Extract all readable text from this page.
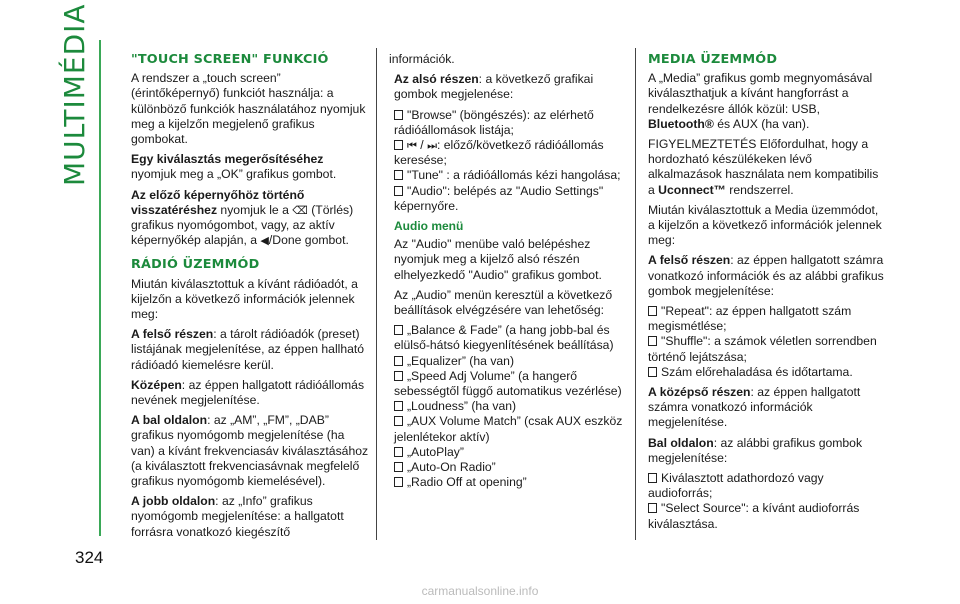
MULTIMÉDIA
324
"TOUCH SCREEN" FUNKCIÓ

A rendszer a „touch screen” (érintőképernyő) funkciót használja: a különböző funkciók használatához nyomjuk meg a kijelzőn megjelenő grafikus gombokat.

Egy kiválasztás megerősítéséhez nyomjuk meg a „OK” grafikus gombot.

Az előző képernyőhöz történő visszatéréshez nyomjuk le a ⌫ (Törlés) grafikus nyomógombot, vagy, az aktív képernyőkép alapján, a ◀/Done gombot.

RÁDIÓ ÜZEMMÓD

Miután kiválasztottuk a kívánt rádióadót, a kijelzőn a következő információk jelennek meg:

A felső részen: a tárolt rádióadók (preset) listájának megjelenítése, az éppen hallható rádióadó kiemelésre kerül.

Középen: az éppen hallgatott rádióállomás nevének megjelenítése.

A bal oldalon: az „AM”, „FM”, „DAB” grafikus nyomógomb megjelenítése (ha van) a kívánt frekvenciasáv kiválasztásához (a kiválasztott frekvenciasávnak megfelelő grafikus nyomógomb kiemelésével).

A jobb oldalon: az „Info” grafikus nyomógomb megjelenítése: a hallgatott forrásra vonatkozó kiegészítő

információk.

Az alsó részen: a következő grafikai gombok megjelenése:

"Browse" (böngészés): az elérhető rádióállomások listája;
⏮ / ⏭: előző/következő rádióállomás keresése;
"Tune" : a rádióállomás kézi hangolása;
"Audio": belépés az "Audio Settings" képernyőre.

Audio menü

Az "Audio" menübe való belépéshez nyomjuk meg a kijelző alsó részén elhelyezkedő "Audio" grafikus gombot.

Az „Audio” menün keresztül a következő beállítások elvégzésére van lehetőség:

„Balance & Fade” (a hang jobb-bal és elülső-hátsó kiegyenlítésének beállítása)
„Equalizer” (ha van)
„Speed Adj Volume” (a hangerő sebességtől függő automatikus vezérlése)
„Loudness” (ha van)
„AUX Volume Match” (csak AUX eszköz jelenlétekor aktív)
„AutoPlay”
„Auto-On Radio”
„Radio Off at opening”

MEDIA ÜZEMMÓD

A „Media” grafikus gomb megnyomásával kiválaszthatjuk a kívánt hangforrást a rendelkezésre állók közül: USB, Bluetooth® és AUX (ha van).

FIGYELMEZTETÉS Előfordulhat, hogy a hordozható készülékeken lévő alkalmazások használata nem kompatibilis a Uconnect™ rendszerrel.

Miután kiválasztottuk a Media üzemmódot, a kijelzőn a következő információk jelennek meg:

A felső részen: az éppen hallgatott számra vonatkozó információk és az alábbi grafikus gombok megjelenítése:

"Repeat": az éppen hallgatott szám megismétlése;
"Shuffle": a számok véletlen sorrendben történő lejátszása;
Szám előrehaladása és időtartama.

A középső részen: az éppen hallgatott számra vonatkozó információk megjelenítése.

Bal oldalon: az alábbi grafikus gombok megjelenítése:

Kiválasztott adathordozó vagy audioforrás;
"Select Source": a kívánt audioforrás kiválasztása.

carmanualsonline.info
